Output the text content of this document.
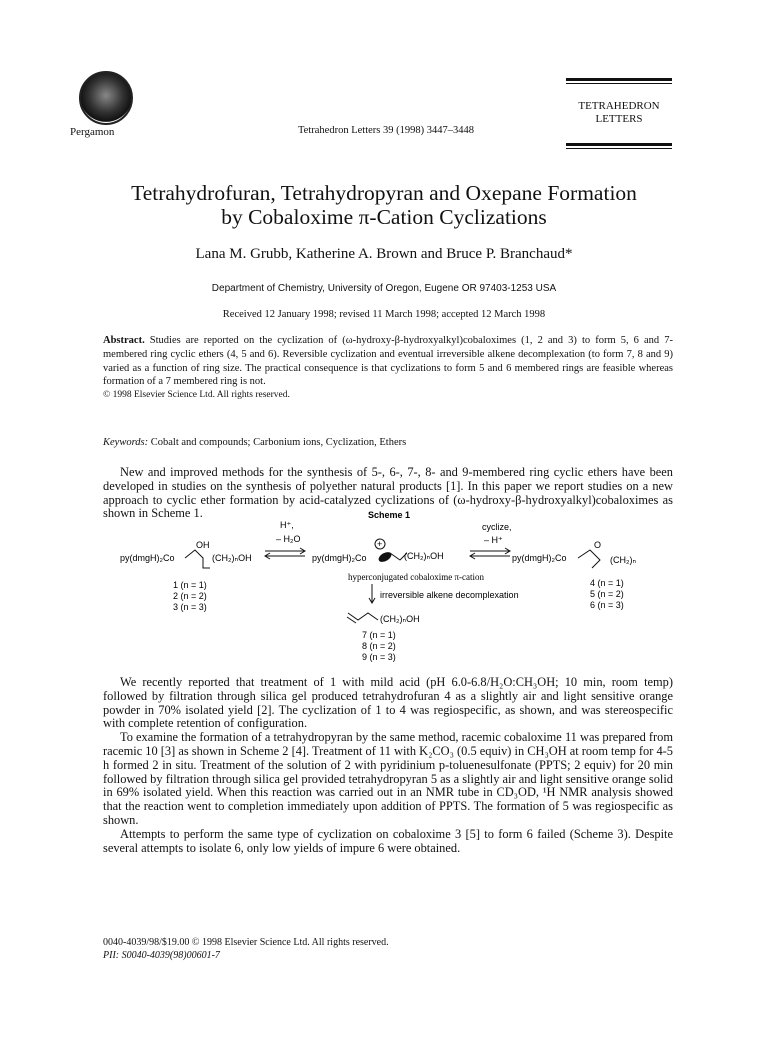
Pergamon	Tetrahedron Letters 39 (1998) 3447–3448
TETRAHEDRON
LETTERS
Tetrahydrofuran, Tetrahydropyran and Oxepane Formation
by Cobaloxime π-Cation Cyclizations
Lana M. Grubb, Katherine A. Brown and Bruce P. Branchaud*
Department of Chemistry, University of Oregon, Eugene OR 97403-1253 USA
Received 12 January 1998; revised 11 March 1998; accepted 12 March 1998
Abstract. Studies are reported on the cyclization of (ω-hydroxy-β-hydroxyalkyl)cobaloximes (1, 2 and 3) to form 5, 6 and 7-membered ring cyclic ethers (4, 5 and 6). Reversible cyclization and eventual irreversible alkene decomplexation (to form 7, 8 and 9) varied as a function of ring size. The practical consequence is that cyclizations to form 5 and 6 membered rings are feasible whereas formation of a 7 membered ring is not.
© 1998 Elsevier Science Ltd. All rights reserved.
Keywords: Cobalt and compounds; Carbonium ions, Cyclization, Ethers
New and improved methods for the synthesis of 5-, 6-, 7-, 8- and 9-membered ring cyclic ethers have been developed in studies on the synthesis of polyether natural products [1]. In this paper we report studies on a new approach to cyclic ether formation by acid-catalyzed cyclizations of (ω-hydroxy-β-hydroxyalkyl)cobaloximes as shown in Scheme 1.	Scheme 1
py(dmgH)₂Co
OH
(CH₂)ₙOH
H⁺,
– H₂O
py(dmgH)₂Co
+
(CH₂)ₙOH
hyperconjugated cobaloxime π-cation
cyclize,
– H⁺
py(dmgH)₂Co
O
(CH₂)ₙ
1 (n = 1)
2 (n = 2)
3 (n = 3)
4 (n = 1)
5 (n = 2)
6 (n = 3)
irreversible alkene decomplexation
(CH₂)ₙOH
7 (n = 1)
8 (n = 2)
9 (n = 3)

We recently reported that treatment of 1 with mild acid (pH 6.0-6.8/H₂O:CH₃OH; 10 min, room temp) followed by filtration through silica gel produced tetrahydrofuran 4 as a slightly air and light sensitive orange powder in 70% isolated yield [2]. The cyclization of 1 to 4 was regiospecific, as shown, and was stereospecific with complete retention of configuration.

To examine the formation of a tetrahydropyran by the same method, racemic cobaloxime 11 was prepared from racemic 10 [3] as shown in Scheme 2 [4]. Treatment of 11 with K₂CO₃ (0.5 equiv) in CH₃OH at room temp for 4-5 h formed 2 in situ. Treatment of the solution of 2 with pyridinium p-toluenesulfonate (PPTS; 2 equiv) for 20 min followed by filtration through silica gel provided tetrahydropyran 5 as a slightly air and light sensitive orange solid in 69% isolated yield. When this reaction was carried out in an NMR tube in CD₃OD, ¹H NMR analysis showed that the reaction went to completion immediately upon addition of PPTS. The formation of 5 was regiospecific as shown.

Attempts to perform the same type of cyclization on cobaloxime 3 [5] to form 6 failed (Scheme 3). Despite several attempts to isolate 6, only low yields of impure 6 were obtained.

0040-4039/98/$19.00 © 1998 Elsevier Science Ltd. All rights reserved.
PII: S0040-4039(98)00601-7
